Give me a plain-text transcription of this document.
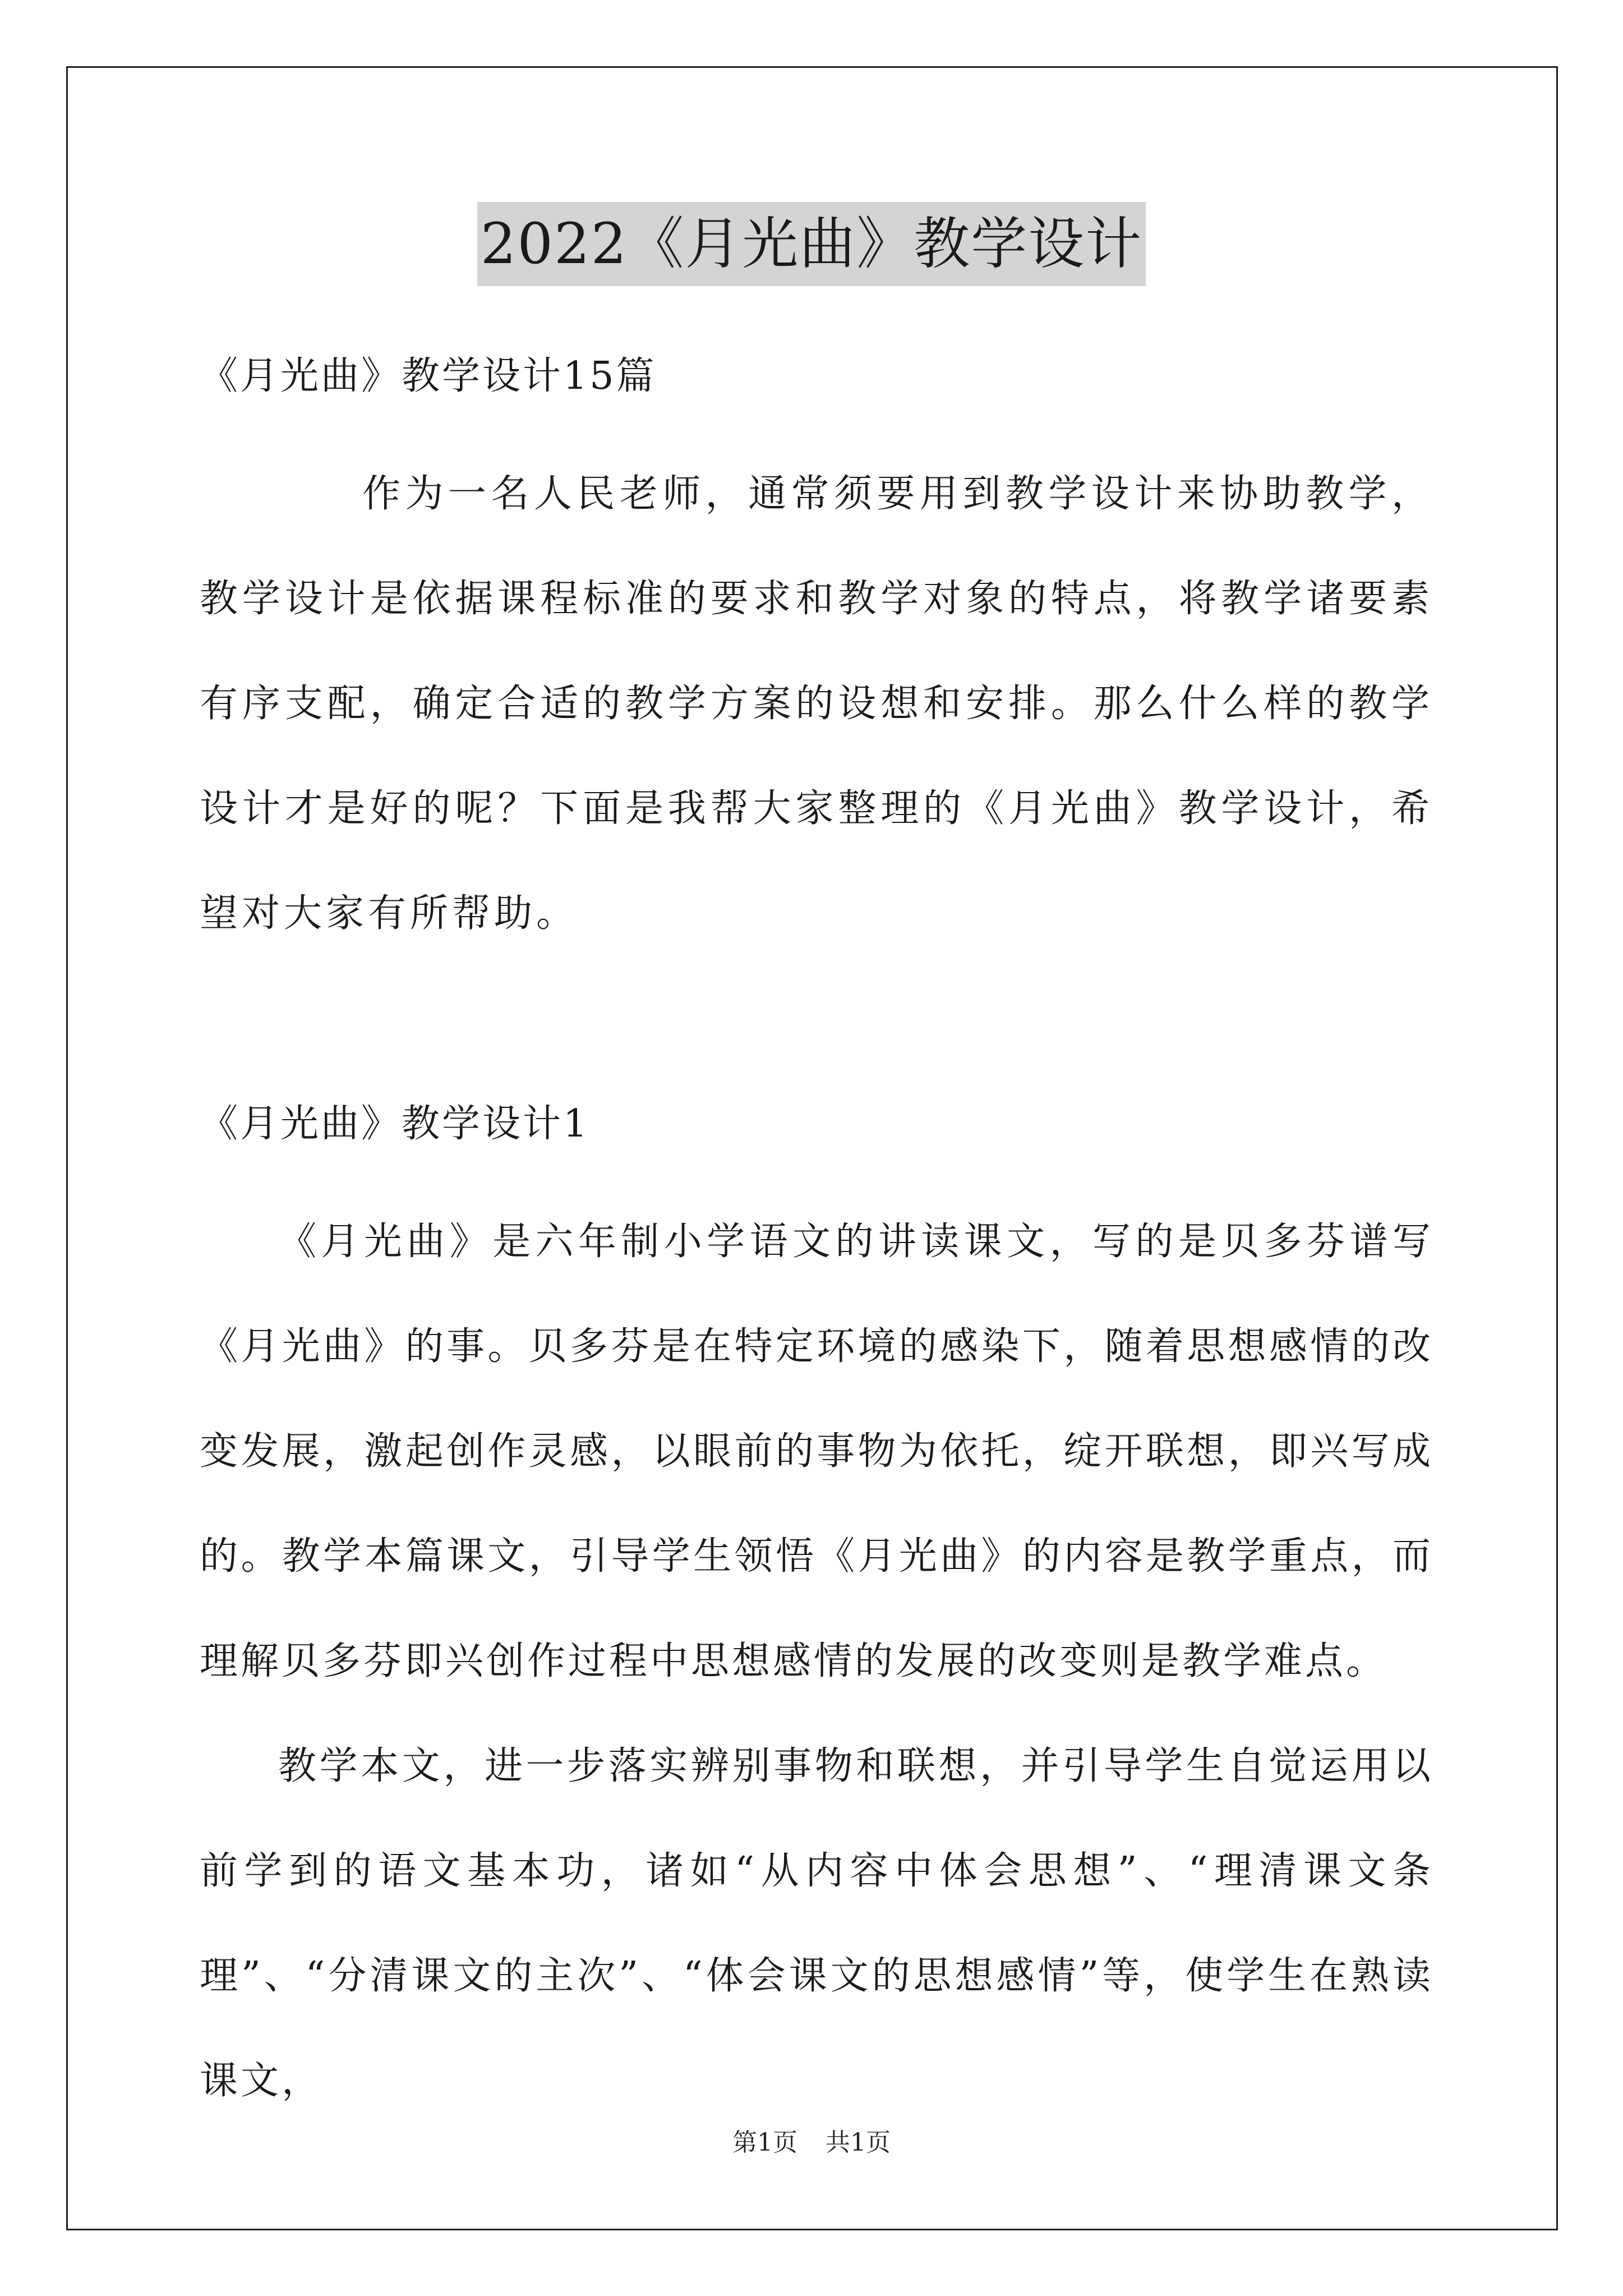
2022《月光曲》教学设计
《月光曲》教学设计15篇
作为一名人民老师，通常须要用到教学设计来协助教学，教学设计是依据课程标准的要求和教学对象的特点，将教学诸要素有序支配，确定合适的教学方案的设想和安排。那么什么样的教学设计才是好的呢？下面是我帮大家整理的《月光曲》教学设计，希望对大家有所帮助。
《月光曲》教学设计1
《月光曲》是六年制小学语文的讲读课文，写的是贝多芬谱写《月光曲》的事。贝多芬是在特定环境的感染下，随着思想感情的改变发展，激起创作灵感，以眼前的事物为依托，绽开联想，即兴写成的。教学本篇课文，引导学生领悟《月光曲》的内容是教学重点，而理解贝多芬即兴创作过程中思想感情的发展的改变则是教学难点。
教学本文，进一步落实辨别事物和联想，并引导学生自觉运用以前学到的语文基本功，诸如“从内容中体会思想”、“理清课文条理”、“分清课文的主次”、“体会课文的思想感情”等，使学生在熟读课文，
第1页 共1页
